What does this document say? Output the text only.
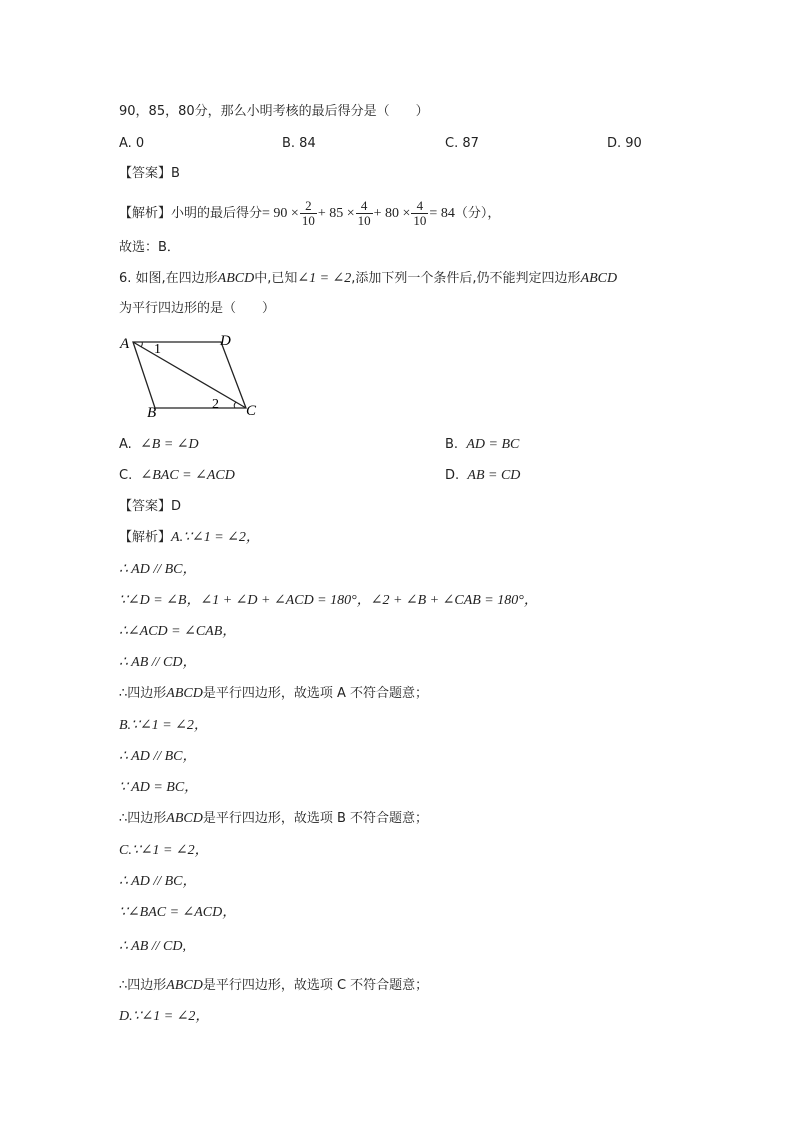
90，85，80分，那么小明考核的最后得分是（　　）
A. 0	B. 84	C. 87	D. 90
【答案】B
【解析】小明的最后得分= $90 \times \frac{2}{10} + 85 \times \frac{4}{10} + 80 \times \frac{4}{10} = 84$（分），
故选：B．
6. 如图,在四边形ABCD中,已知∠1 = ∠2,添加下列一个条件后,仍不能判定四边形ABCD
为平行四边形的是（　　）
A	D
B	C
1
2
A. ∠B = ∠D	B. AD = BC
C. ∠BAC = ∠ACD	D. AB = CD
【答案】D
【解析】A.∵∠1 = ∠2，
∴ AD // BC，
∵∠D = ∠B，∠1 + ∠D + ∠ACD = 180°，∠2 + ∠B + ∠CAB = 180°，
∴∠ACD = ∠CAB，
∴ AB // CD，
∴四边形ABCD是平行四边形，故选项 A 不符合题意；
B.∵∠1 = ∠2，
∴ AD // BC，
∵ AD = BC，
∴四边形ABCD是平行四边形，故选项 B 不符合题意；
C.∵∠1 = ∠2，
∴ AD // BC，
∵∠BAC = ∠ACD，
∴ AB // CD,
∴四边形ABCD是平行四边形，故选项 C 不符合题意；
D.∵∠1 = ∠2，
